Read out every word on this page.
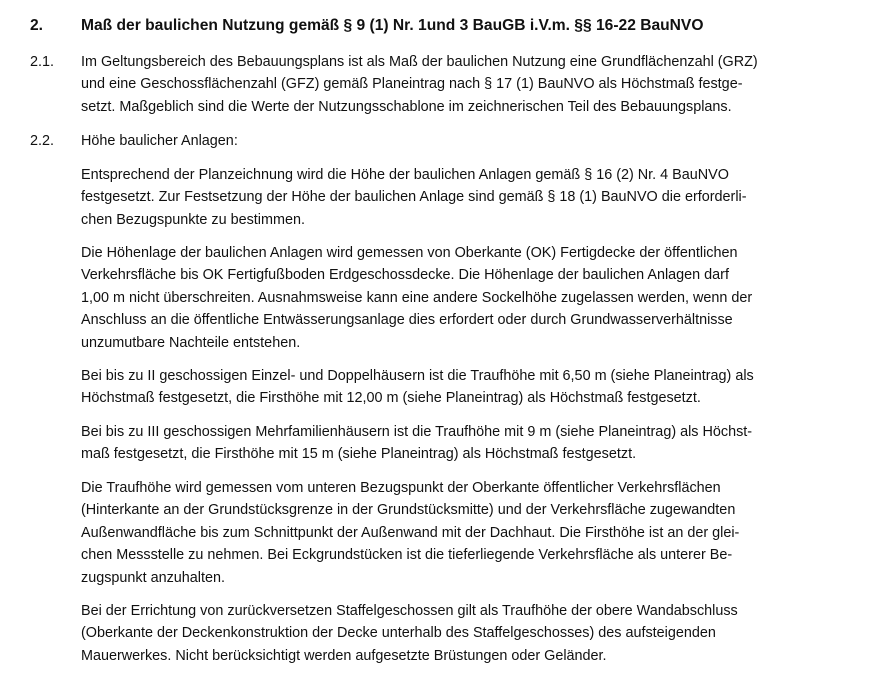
2. Maß der baulichen Nutzung gemäß § 9 (1) Nr. 1und 3 BauGB i.V.m. §§ 16-22 BauNVO
2.1. Im Geltungsbereich des Bebauungsplans ist als Maß der baulichen Nutzung eine Grundflächenzahl (GRZ)
und eine Geschossflächenzahl (GFZ) gemäß Planeintrag nach § 17 (1) BauNVO als Höchstmaß festge-
setzt. Maßgeblich sind die Werte der Nutzungsschablone im zeichnerischen Teil des Bebauungsplans.
2.2. Höhe baulicher Anlagen:
Entsprechend der Planzeichnung wird die Höhe der baulichen Anlagen gemäß § 16 (2) Nr. 4 BauNVO
festgesetzt. Zur Festsetzung der Höhe der baulichen Anlage sind gemäß § 18 (1) BauNVO die erforderli-
chen Bezugspunkte zu bestimmen.
Die Höhenlage der baulichen Anlagen wird gemessen von Oberkante (OK) Fertigdecke der öffentlichen
Verkehrsfläche bis OK Fertigfußboden Erdgeschossdecke. Die Höhenlage der baulichen Anlagen darf
1,00 m nicht überschreiten. Ausnahmsweise kann eine andere Sockelhöhe zugelassen werden, wenn der
Anschluss an die öffentliche Entwässerungsanlage dies erfordert oder durch Grundwasserverhältnisse
unzumutbare Nachteile entstehen.
Bei bis zu II geschossigen Einzel- und Doppelhäusern ist die Traufhöhe mit 6,50 m (siehe Planeintrag) als
Höchstmaß festgesetzt, die Firsthöhe mit 12,00 m (siehe Planeintrag) als Höchstmaß festgesetzt.
Bei bis zu III geschossigen Mehrfamilienhäusern ist die Traufhöhe mit 9 m (siehe Planeintrag) als Höchst-
maß festgesetzt, die Firsthöhe mit 15 m (siehe Planeintrag) als Höchstmaß festgesetzt.
Die Traufhöhe wird gemessen vom unteren Bezugspunkt der Oberkante öffentlicher Verkehrsflächen
(Hinterkante an der Grundstücksgrenze in der Grundstücksmitte) und der Verkehrsfläche zugewandten
Außenwandfläche bis zum Schnittpunkt der Außenwand mit der Dachhaut. Die Firsthöhe ist an der glei-
chen Messstelle zu nehmen. Bei Eckgrundstücken ist die tieferliegende Verkehrsfläche als unterer Be-
zugspunkt anzuhalten.
Bei der Errichtung von zurückversetzen Staffelgeschossen gilt als Traufhöhe der obere Wandabschluss
(Oberkante der Deckenkonstruktion der Decke unterhalb des Staffelgeschosses) des aufsteigenden
Mauerwerkes. Nicht berücksichtigt werden aufgesetzte Brüstungen oder Geländer.
